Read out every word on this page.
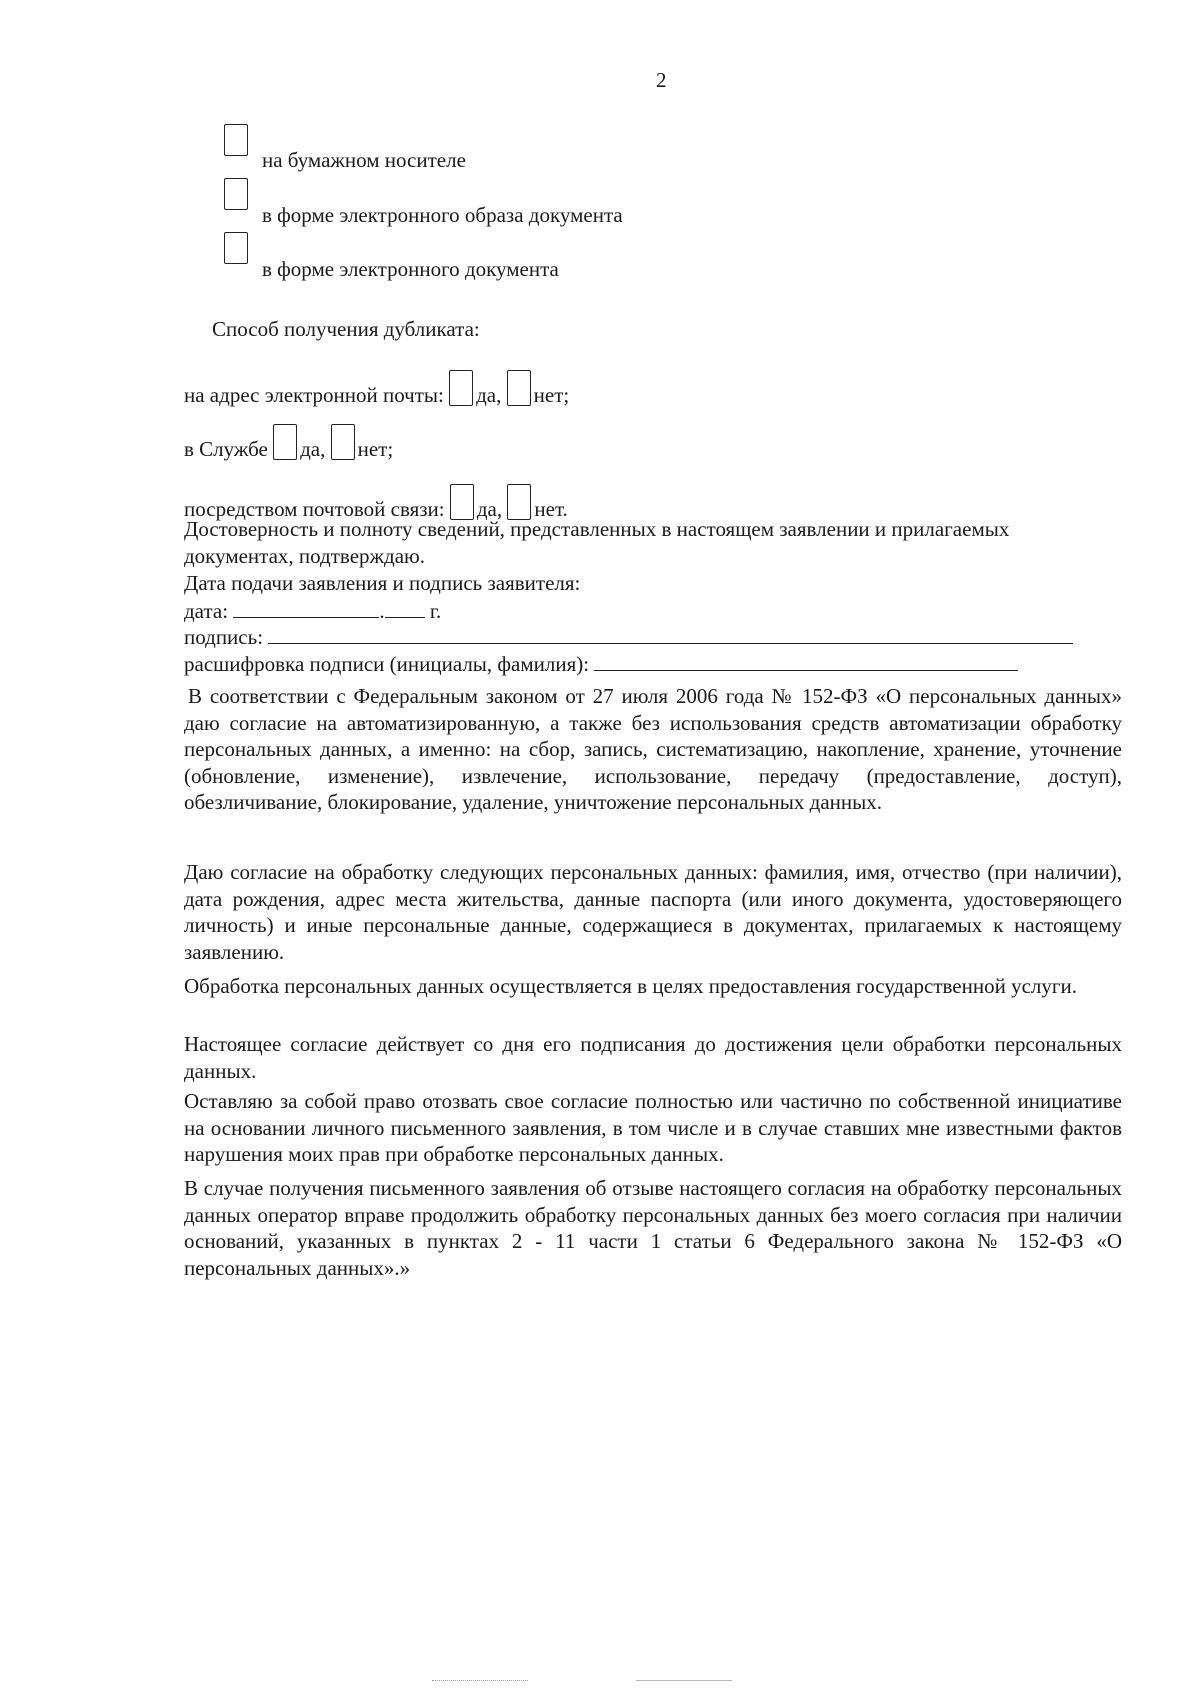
2
на бумажном носителе
в форме электронного образа документа
в форме электронного документа
Способ получения дубликата:
на адрес электронной почты: да, нет;
в Службе да, нет;
посредством почтовой связи: да, нет.
Достоверность и полноту сведений, представленных в настоящем заявлении и прилагаемых документах, подтверждаю.
Дата подачи заявления и подпись заявителя:
дата:	. г.
подпись:
расшифровка подписи (инициалы, фамилия):
В соответствии с Федеральным законом от 27 июля 2006 года № 152-ФЗ «О персональных данных» даю согласие на автоматизированную, а также без использования средств автоматизации обработку персональных данных, а именно: на сбор, запись, систематизацию, накопление, хранение, уточнение (обновление, изменение), извлечение, использование, передачу (предоставление, доступ), обезличивание, блокирование, удаление, уничтожение персональных данных.
Даю согласие на обработку следующих персональных данных: фамилия, имя, отчество (при наличии), дата рождения, адрес места жительства, данные паспорта (или иного документа, удостоверяющего личность) и иные персональные данные, содержащиеся в документах, прилагаемых к настоящему заявлению.
Обработка персональных данных осуществляется в целях предоставления государственной услуги.
Настоящее согласие действует со дня его подписания до достижения цели обработки персональных данных.
Оставляю за собой право отозвать свое согласие полностью или частично по собственной инициативе на основании личного письменного заявления, в том числе и в случае ставших мне известными фактов нарушения моих прав при обработке персональных данных.
В случае получения письменного заявления об отзыве настоящего согласия на обработку персональных данных оператор вправе продолжить обработку персональных данных без моего согласия при наличии оснований, указанных в пунктах 2 - 11 части 1 статьи 6 Федерального закона № 152-ФЗ «О персональных данных».»
